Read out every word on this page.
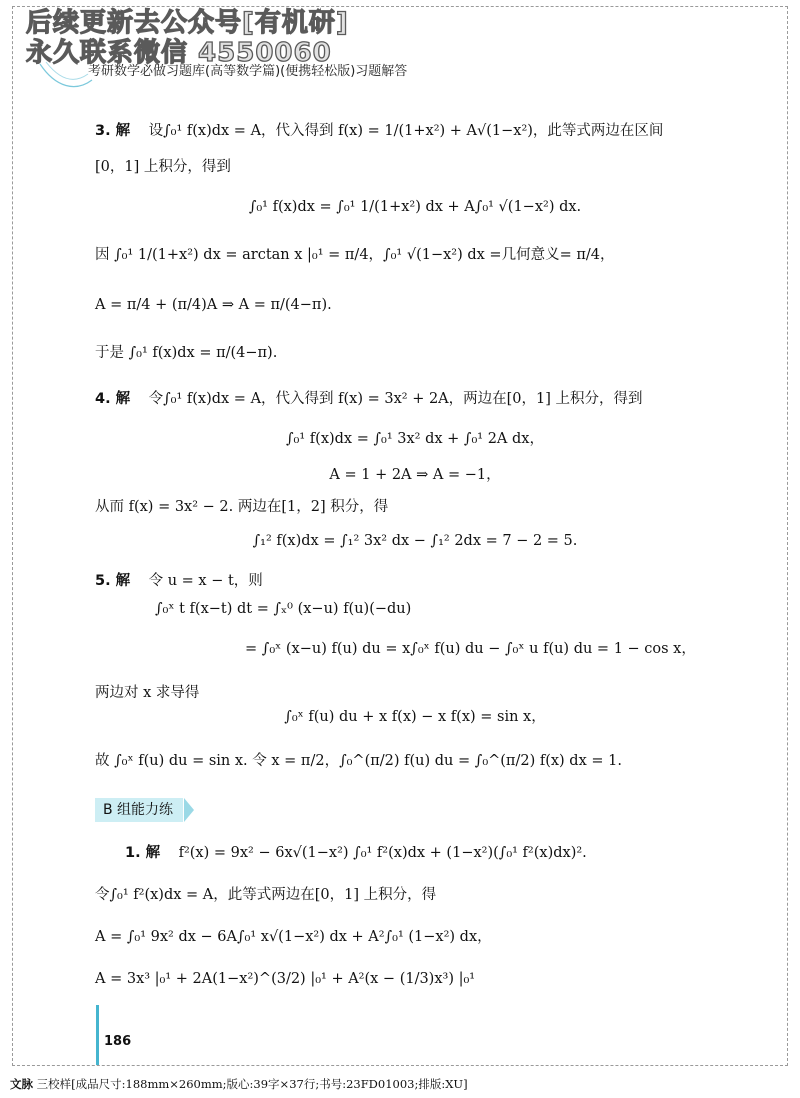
后续更新去公众号[有机研]
永久联系微信 4550060
考研数学必做习题库(高等数学篇)(便携轻松版)习题解答
3. 解 设∫₀¹ f(x)dx = A，代入得到 f(x) = 1/(1+x²) + A√(1−x²)，此等式两边在区间
[0，1] 上积分，得到
∫₀¹ f(x)dx = ∫₀¹ 1/(1+x²) dx + A∫₀¹ √(1−x²) dx.
因 ∫₀¹ 1/(1+x²) dx = arctan x |₀¹ = π/4，∫₀¹ √(1−x²) dx =几何意义= π/4，
A = π/4 + (π/4)A ⇒ A = π/(4−π).
于是 ∫₀¹ f(x)dx = π/(4−π).
4. 解 令∫₀¹ f(x)dx = A，代入得到 f(x) = 3x² + 2A，两边在[0，1] 上积分，得到
∫₀¹ f(x)dx = ∫₀¹ 3x² dx + ∫₀¹ 2A dx，
A = 1 + 2A ⇒ A = −1，
从而 f(x) = 3x² − 2. 两边在[1，2] 积分，得
∫₁² f(x)dx = ∫₁² 3x² dx − ∫₁² 2dx = 7 − 2 = 5.
5. 解 令 u = x − t，则
∫₀ˣ t f(x−t) dt = ∫ₓ⁰ (x−u) f(u)(−du)
= ∫₀ˣ (x−u) f(u) du = x∫₀ˣ f(u) du − ∫₀ˣ u f(u) du = 1 − cos x，
两边对 x 求导得
∫₀ˣ f(u) du + x f(x) − x f(x) = sin x，
故 ∫₀ˣ f(u) du = sin x. 令 x = π/2，∫₀^(π/2) f(u) du = ∫₀^(π/2) f(x) dx = 1.
1. 解 f²(x) = 9x² − 6x√(1−x²) ∫₀¹ f²(x)dx + (1−x²)(∫₀¹ f²(x)dx)².
令∫₀¹ f²(x)dx = A，此等式两边在[0，1] 上积分，得
A = ∫₀¹ 9x² dx − 6A∫₀¹ x√(1−x²) dx + A²∫₀¹ (1−x²) dx，
A = 3x³ |₀¹ + 2A(1−x²)^(3/2) |₀¹ + A²(x − (1/3)x³) |₀¹
B 组能力练
186
文脉 三校样[成品尺寸:188mm×260mm;版心:39字×37行;书号:23FD01003;排版:XU]
